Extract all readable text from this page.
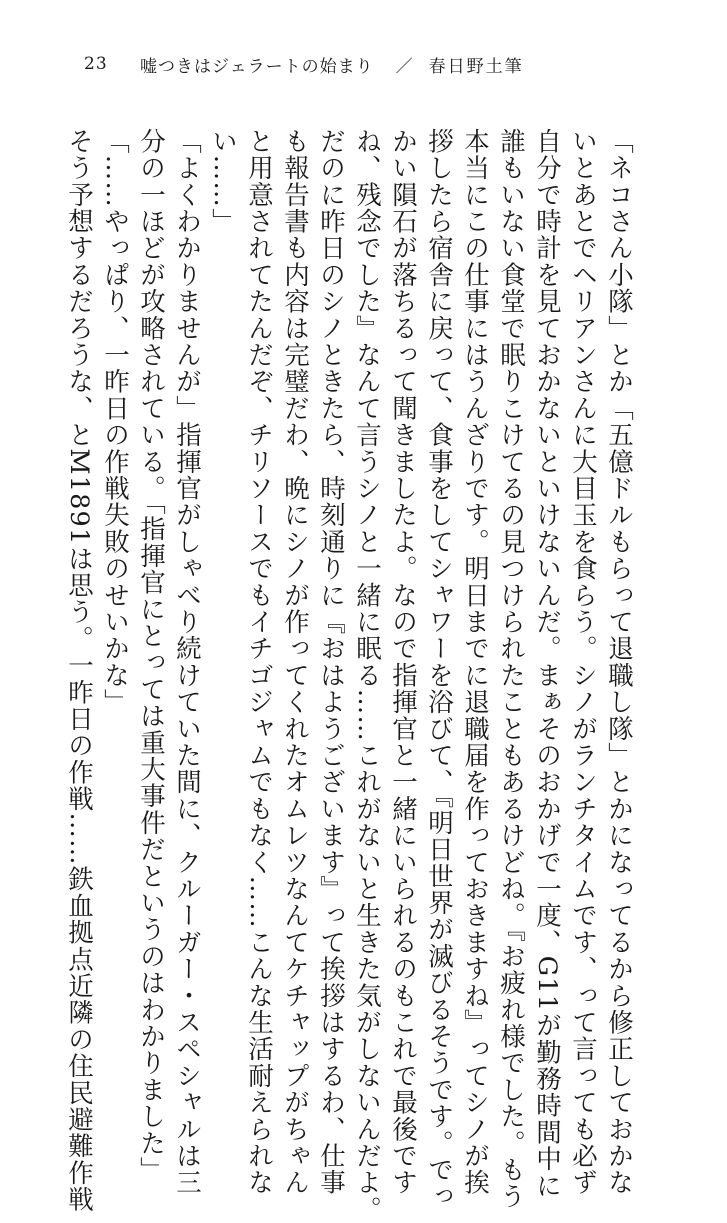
23	嘘つきはジェラートの始まり ／ 春日野土筆
「ネコさん小隊」とか「五億ドルもらって退職し隊」とかになってるから修正しておかな
いとあとでヘリアンさんに大目玉を食らう。シノがランチタイムです、って言っても必ず
自分で時計を見ておかないといけないんだ。まぁそのおかげで一度、G11が勤務時間中に
誰もいない食堂で眠りこけてるの見つけられたこともあるけどね。『お疲れ様でした。もう
本当にこの仕事にはうんざりです。明日までに退職届を作っておきますね』ってシノが挨
拶したら宿舎に戻って、食事をしてシャワーを浴びて、『明日世界が滅びるそうです。でっ
かい隕石が落ちるって聞きましたよ。なので指揮官と一緒にいられるのもこれで最後です
ね、残念でした』なんて言うシノと一緒に眠る……これがないと生きた気がしないんだよ。
だのに昨日のシノときたら、時刻通りに『おはようございます』って挨拶はするわ、仕事
も報告書も内容は完璧だわ、晩にシノが作ってくれたオムレツなんてケチャップがちゃん
と用意されてたんだぞ、チリソースでもイチゴジャムでもなく……こんな生活耐えられな
い……」
「よくわかりませんが」指揮官がしゃべり続けていた間に、クルーガー・スペシャルは三
分の一ほどが攻略されている。「指揮官にとっては重大事件だというのはわかりました」
「……やっぱり、一昨日の作戦失敗のせいかな」
そう予想するだろうな、とM1891は思う。一昨日の作戦……鉄血拠点近隣の住民避難作戦
